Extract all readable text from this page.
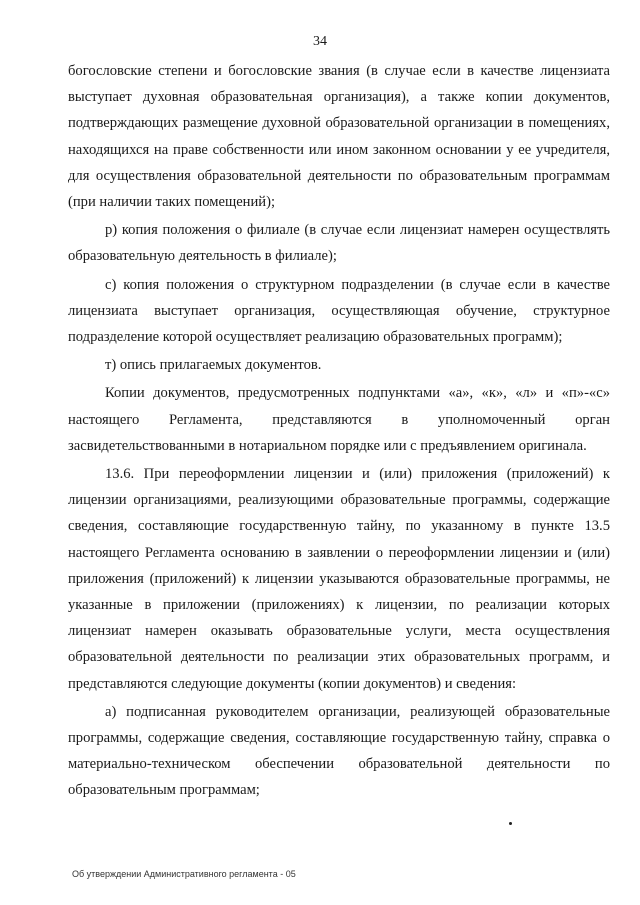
34

богословские степени и богословские звания (в случае если в качестве лицензиата выступает духовная образовательная организация), а также копии документов, подтверждающих размещение духовной образовательной организации в помещениях, находящихся на праве собственности или ином законном основании у ее учредителя, для осуществления образовательной деятельности по образовательным программам (при наличии таких помещений);

р) копия положения о филиале (в случае если лицензиат намерен осуществлять образовательную деятельность в филиале);

с) копия положения о структурном подразделении (в случае если в качестве лицензиата выступает организация, осуществляющая обучение, структурное подразделение которой осуществляет реализацию образовательных программ);

т) опись прилагаемых документов.

Копии документов, предусмотренных подпунктами «а», «к», «л» и «п»-«с» настоящего Регламента, представляются в уполномоченный орган засвидетельствованными в нотариальном порядке или с предъявлением оригинала.

13.6. При переоформлении лицензии и (или) приложения (приложений) к лицензии организациями, реализующими образовательные программы, содержащие сведения, составляющие государственную тайну, по указанному в пункте 13.5 настоящего Регламента основанию в заявлении о переоформлении лицензии и (или) приложения (приложений) к лицензии указываются образовательные программы, не указанные в приложении (приложениях) к лицензии, по реализации которых лицензиат намерен оказывать образовательные услуги, места осуществления образовательной деятельности по реализации этих образовательных программ, и представляются следующие документы (копии документов) и сведения:

а) подписанная руководителем организации, реализующей образовательные программы, содержащие сведения, составляющие государственную тайну, справка о материально-техническом обеспечении образовательной деятельности по образовательным программам;

Об утверждении Административного регламента - 05
